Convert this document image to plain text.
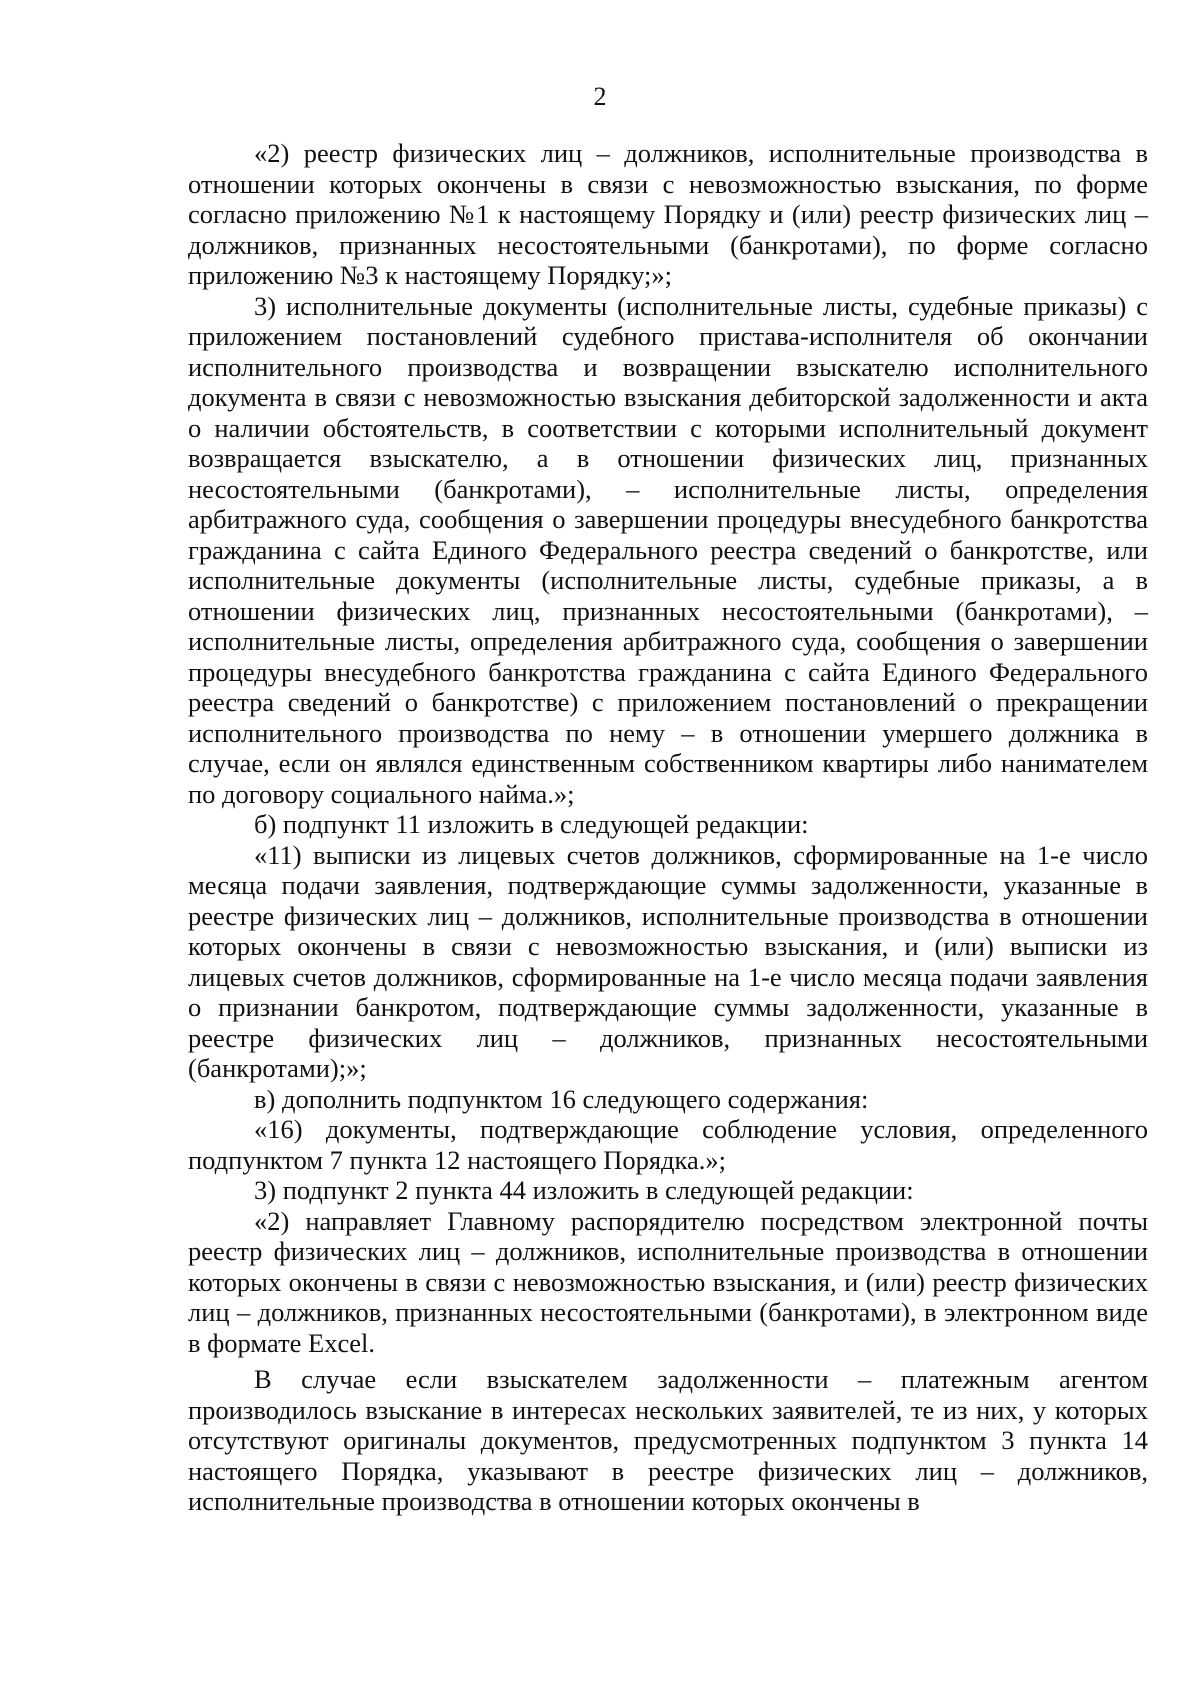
2

«2) реестр физических лиц – должников, исполнительные производства в отношении которых окончены в связи с невозможностью взыскания, по форме согласно приложению №1 к настоящему Порядку и (или) реестр физических лиц – должников, признанных несостоятельными (банкротами), по форме согласно приложению №3 к настоящему Порядку;»;

3) исполнительные документы (исполнительные листы, судебные приказы) с приложением постановлений судебного пристава-исполнителя об окончании исполнительного производства и возвращении взыскателю исполнительного документа в связи с невозможностью взыскания дебиторской задолженности и акта о наличии обстоятельств, в соответствии с которыми исполнительный документ возвращается взыскателю, а в отношении физических лиц, признанных несостоятельными (банкротами), – исполнительные листы, определения арбитражного суда, сообщения о завершении процедуры внесудебного банкротства гражданина с сайта Единого Федерального реестра сведений о банкротстве, или исполнительные документы (исполнительные листы, судебные приказы, а в отношении физических лиц, признанных несостоятельными (банкротами), – исполнительные листы, определения арбитражного суда, сообщения о завершении процедуры внесудебного банкротства гражданина с сайта Единого Федерального реестра сведений о банкротстве) с приложением постановлений о прекращении исполнительного производства по нему – в отношении умершего должника в случае, если он являлся единственным собственником квартиры либо нанимателем по договору социального найма.»;

б) подпункт 11 изложить в следующей редакции:

«11) выписки из лицевых счетов должников, сформированные на 1-е число месяца подачи заявления, подтверждающие суммы задолженности, указанные в реестре физических лиц – должников, исполнительные производства в отношении которых окончены в связи с невозможностью взыскания, и (или) выписки из лицевых счетов должников, сформированные на 1-е число месяца подачи заявления о признании банкротом, подтверждающие суммы задолженности, указанные в реестре физических лиц – должников, признанных несостоятельными (банкротами);»;

в) дополнить подпунктом 16 следующего содержания:

«16) документы, подтверждающие соблюдение условия, определенного подпунктом 7 пункта 12 настоящего Порядка.»;

3) подпункт 2 пункта 44 изложить в следующей редакции:

«2) направляет Главному распорядителю посредством электронной почты реестр физических лиц – должников, исполнительные производства в отношении которых окончены в связи с невозможностью взыскания, и (или) реестр физических лиц – должников, признанных несостоятельными (банкротами), в электронном виде в формате Excel.

В случае если взыскателем задолженности – платежным агентом производилось взыскание в интересах нескольких заявителей, те из них, у которых отсутствуют оригиналы документов, предусмотренных подпунктом 3 пункта 14 настоящего Порядка, указывают в реестре физических лиц – должников, исполнительные производства в отношении которых окончены в
